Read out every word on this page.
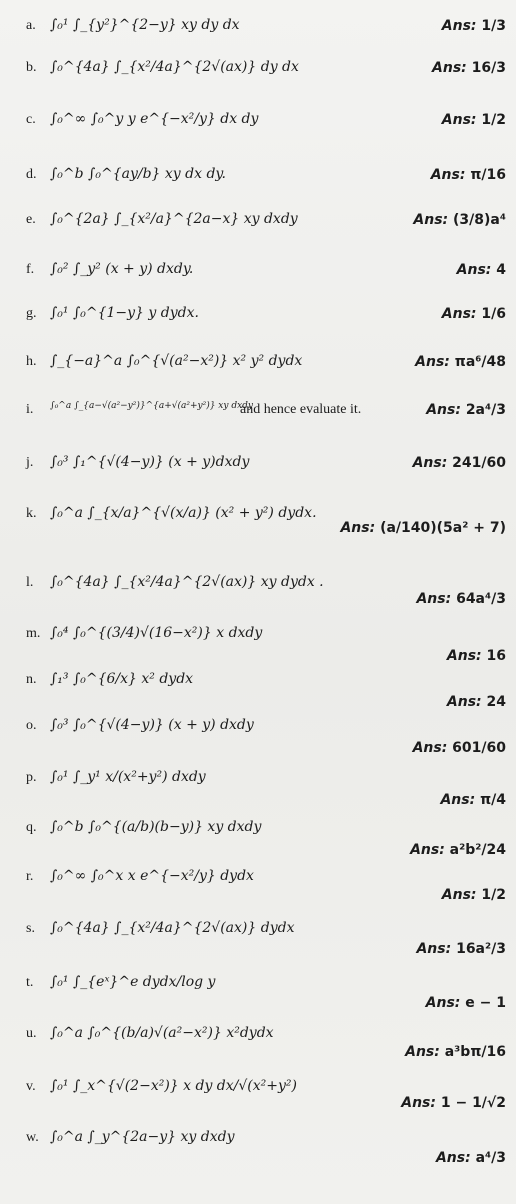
a. ∫₀¹ ∫_{y²}^{2−y} xy dy dx	Ans: 1/3
b. ∫₀^{4a} ∫_{x²/4a}^{2√(ax)} dy dx	Ans: 16/3
c. ∫₀^∞ ∫₀^y y e^{−x²/y} dx dy	Ans: 1/2
d. ∫₀^b ∫₀^{ay/b} xy dx dy.	Ans: π/16
e. ∫₀^{2a} ∫_{x²/a}^{2a−x} xy dxdy	Ans: (3/8)a⁴
f. ∫₀² ∫_y² (x + y) dxdy.	Ans: 4
g. ∫₀¹ ∫₀^{1−y} y dydx.	Ans: 1/6
h. ∫_{−a}^a ∫₀^{√(a²−x²)} x² y² dydx	Ans: πa⁶/48
i. ∫₀^a ∫_{a−√(a²−y²)}^{a+√(a²+y²)} xy dxdy
and hence evaluate it.	Ans: 2a⁴/3
j. ∫₀³ ∫₁^{√(4−y)} (x + y)dxdy	Ans: 241/60
k. ∫₀^a ∫_{x/a}^{√(x/a)} (x² + y²) dydx.
Ans: (a/140)(5a² + 7)
l. ∫₀^{4a} ∫_{x²/4a}^{2√(ax)} xy dydx .
Ans: 64a⁴/3
m. ∫₀⁴ ∫₀^{(3/4)√(16−x²)} x dxdy
Ans: 16
n. ∫₁³ ∫₀^{6/x} x² dydx
Ans: 24
o. ∫₀³ ∫₀^{√(4−y)} (x + y) dxdy
Ans: 601/60
p. ∫₀¹ ∫_y¹ x/(x²+y²) dxdy
Ans: π/4
q. ∫₀^b ∫₀^{(a/b)(b−y)} xy dxdy
Ans: a²b²/24
r. ∫₀^∞ ∫₀^x x e^{−x²/y} dydx
Ans: 1/2
s. ∫₀^{4a} ∫_{x²/4a}^{2√(ax)} dydx
Ans: 16a²/3
t. ∫₀¹ ∫_{eˣ}^e dydx/log y
Ans: e − 1
u. ∫₀^a ∫₀^{(b/a)√(a²−x²)} x²dydx
Ans: a³bπ/16
v. ∫₀¹ ∫_x^{√(2−x²)} x dy dx/√(x²+y²)
Ans: 1 − 1/√2
w. ∫₀^a ∫_y^{2a−y} xy dxdy
Ans: a⁴/3
